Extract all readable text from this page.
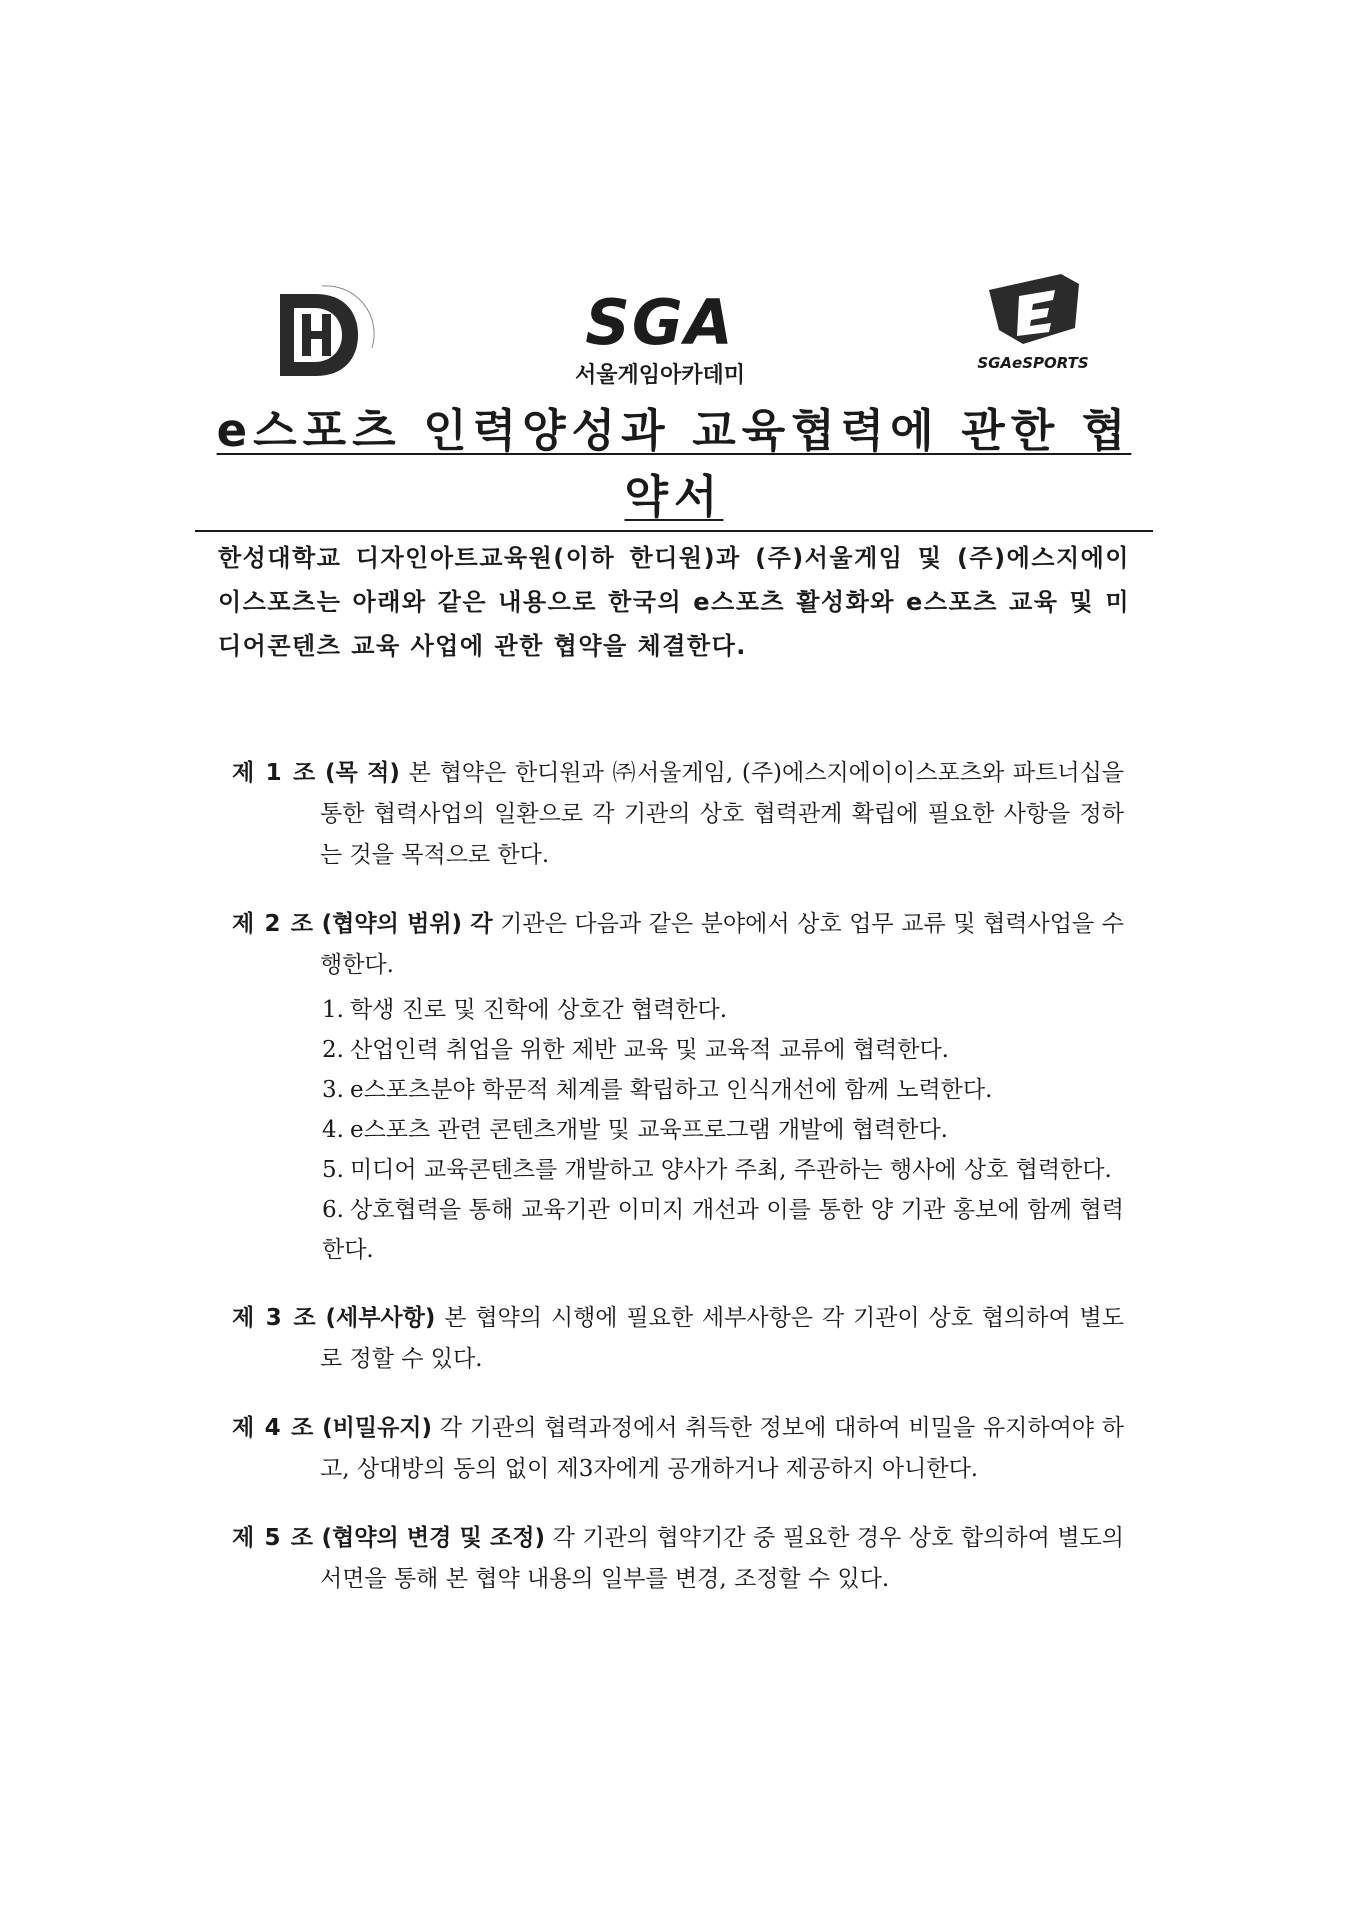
SGA
서울게임아카데미	SGAeSPORTS
e스포츠 인력양성과 교육협력에 관한 협약서

한성대학교 디자인아트교육원(이하 한디원)과 (주)서울게임 및 (주)에스지에이이스포츠는 아래와 같은 내용으로 한국의 e스포츠 활성화와 e스포츠 교육 및 미디어콘텐츠 교육 사업에 관한 협약을 체결한다.

제 1 조 (목 적) 본 협약은 한디원과 ㈜서울게임, (주)에스지에이이스포츠와 파트너십을 통한 협력사업의 일환으로 각 기관의 상호 협력관계 확립에 필요한 사항을 정하는 것을 목적으로 한다.

제 2 조 (협약의 범위) 각 기관은 다음과 같은 분야에서 상호 업무 교류 및 협력사업을 수행한다.
1. 학생 진로 및 진학에 상호간 협력한다.
2. 산업인력 취업을 위한 제반 교육 및 교육적 교류에 협력한다.
3. e스포츠분야 학문적 체계를 확립하고 인식개선에 함께 노력한다.
4. e스포츠 관련 콘텐츠개발 및 교육프로그램 개발에 협력한다.
5. 미디어 교육콘텐츠를 개발하고 양사가 주최, 주관하는 행사에 상호 협력한다.
6. 상호협력을 통해 교육기관 이미지 개선과 이를 통한 양 기관 홍보에 함께 협력한다.

제 3 조 (세부사항) 본 협약의 시행에 필요한 세부사항은 각 기관이 상호 협의하여 별도로 정할 수 있다.

제 4 조 (비밀유지) 각 기관의 협력과정에서 취득한 정보에 대하여 비밀을 유지하여야 하고, 상대방의 동의 없이 제3자에게 공개하거나 제공하지 아니한다.

제 5 조 (협약의 변경 및 조정) 각 기관의 협약기간 중 필요한 경우 상호 합의하여 별도의 서면을 통해 본 협약 내용의 일부를 변경, 조정할 수 있다.
